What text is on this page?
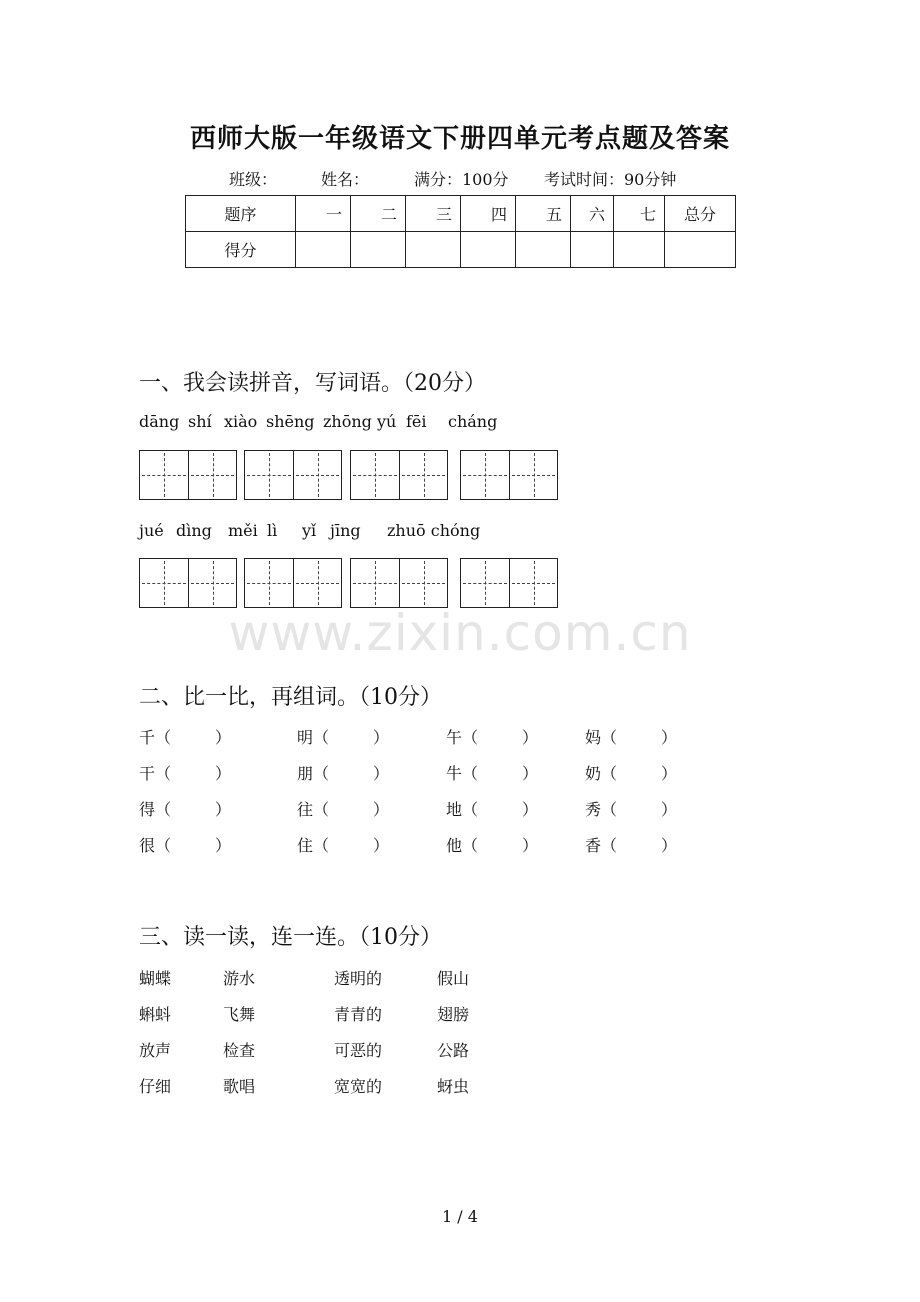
西师大版一年级语文下册四单元考点题及答案
班级：	姓名：	满分：100分 考试时间：90分钟
题序	一	二	三	四	五	六	七	总分
得分								
一、我会读拼音，写词语。（20分）
dāng shí xiào shēng zhōng yú fēi cháng
jué dìng měi lì yǐ jīng zhuō chóng
www.zixin.com.cn
二、比一比，再组词。（10分）
千（	）	明（	）	午（	）	妈（	）
干（	）	朋（	）	牛（	）	奶（	）
得（	）	往（	）	地（	）	秀（	）
很（	）	住（	）	他（	）	香（	）
三、读一读，连一连。（10分）
蝴蝶	游水	透明的	假山
蝌蚪	飞舞	青青的	翅膀
放声	检查	可恶的	公路
仔细	歌唱	宽宽的	蚜虫
1 / 4
